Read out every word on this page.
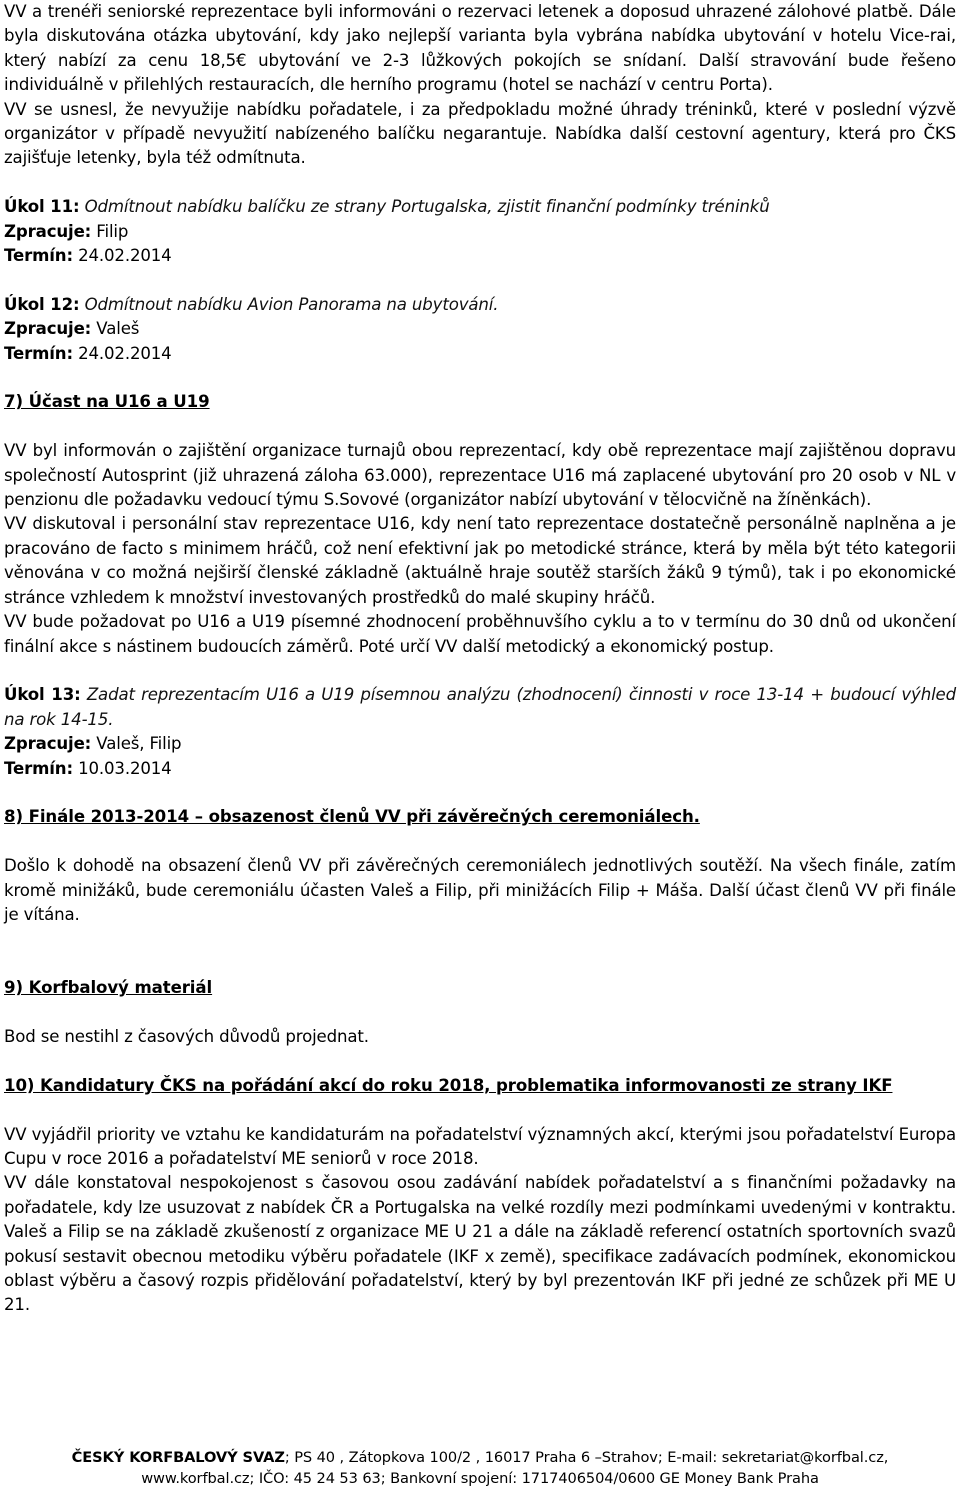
VV a trenéři seniorské reprezentace byli informováni o rezervaci letenek a doposud uhrazené zálohové platbě. Dále byla diskutována otázka ubytování, kdy jako nejlepší varianta byla vybrána nabídka ubytování v hotelu Vice-rai, který nabízí za cenu 18,5€ ubytování ve 2-3 lůžkových pokojích se snídaní. Další stravování bude řešeno individuálně v přilehlých restauracích, dle herního programu (hotel se nachází v centru Porta).

VV se usnesl, že nevyužije nabídku pořadatele, i za předpokladu možné úhrady tréninků, které v poslední výzvě organizátor v případě nevyužití nabízeného balíčku negarantuje. Nabídka další cestovní agentury, která pro ČKS zajišťuje letenky, byla též odmítnuta.

Úkol 11: Odmítnout nabídku balíčku ze strany Portugalska, zjistit finanční podmínky tréninků

Zpracuje: Filip

Termín: 24.02.2014

Úkol 12: Odmítnout nabídku Avion Panorama na ubytování.

Zpracuje: Valeš

Termín: 24.02.2014

7) Účast na U16 a U19

VV byl informován o zajištění organizace turnajů obou reprezentací, kdy obě reprezentace mají zajištěnou dopravu společností Autosprint (již uhrazená záloha 63.000), reprezentace U16 má zaplacené ubytování pro 20 osob v NL v penzionu dle požadavku vedoucí týmu S.Sovové (organizátor nabízí ubytování v tělocvičně na žíněnkách).

VV diskutoval i personální stav reprezentace U16, kdy není tato reprezentace dostatečně personálně naplněna a je pracováno de facto s minimem hráčů, což není efektivní jak po metodické stránce, která by měla být této kategorii věnována v co možná nejširší členské základně (aktuálně hraje soutěž starších žáků 9 týmů), tak i po ekonomické stránce vzhledem k množství investovaných prostředků do malé skupiny hráčů.

VV bude požadovat po U16 a U19 písemné zhodnocení proběhnuvšího cyklu a to v termínu do 30 dnů od ukončení finální akce s nástinem budoucích záměrů. Poté určí VV další metodický a ekonomický postup.

Úkol 13: Zadat reprezentacím U16 a U19 písemnou analýzu (zhodnocení) činnosti v roce 13-14 + budoucí výhled na rok 14-15.

Zpracuje: Valeš, Filip

Termín: 10.03.2014

8) Finále 2013-2014 – obsazenost členů VV při závěrečných ceremoniálech.

Došlo k dohodě na obsazení členů VV při závěrečných ceremoniálech jednotlivých soutěží. Na všech finále, zatím kromě minižáků, bude ceremoniálu účasten Valeš a Filip, při minižácích Filip + Máša. Další účast členů VV při finále je vítána.

9) Korfbalový materiál

Bod se nestihl z časových důvodů projednat.

10) Kandidatury ČKS na pořádání akcí do roku 2018, problematika informovanosti ze strany IKF

VV vyjádřil priority ve vztahu ke kandidaturám na pořadatelství významných akcí, kterými jsou pořadatelství Europa Cupu v roce 2016 a pořadatelství ME seniorů v roce 2018.

VV dále konstatoval nespokojenost s časovou osou zadávání nabídek pořadatelství a s finančními požadavky na pořadatele, kdy lze usuzovat z nabídek ČR a Portugalska na velké rozdíly mezi podmínkami uvedenými v kontraktu. Valeš a Filip se na základě zkušeností z organizace ME U 21 a dále na základě referencí ostatních sportovních svazů pokusí sestavit obecnou metodiku výběru pořadatele (IKF x země), specifikace zadávacích podmínek, ekonomickou oblast výběru a časový rozpis přidělování pořadatelství, který by byl prezentován IKF při jedné ze schůzek při ME U 21.

ČESKÝ KORFBALOVÝ SVAZ; PS 40 , Zátopkova 100/2 , 16017 Praha 6 –Strahov; E-mail: sekretariat@korfbal.cz,
www.korfbal.cz; IČO: 45 24 53 63; Bankovní spojení: 1717406504/0600 GE Money Bank Praha
